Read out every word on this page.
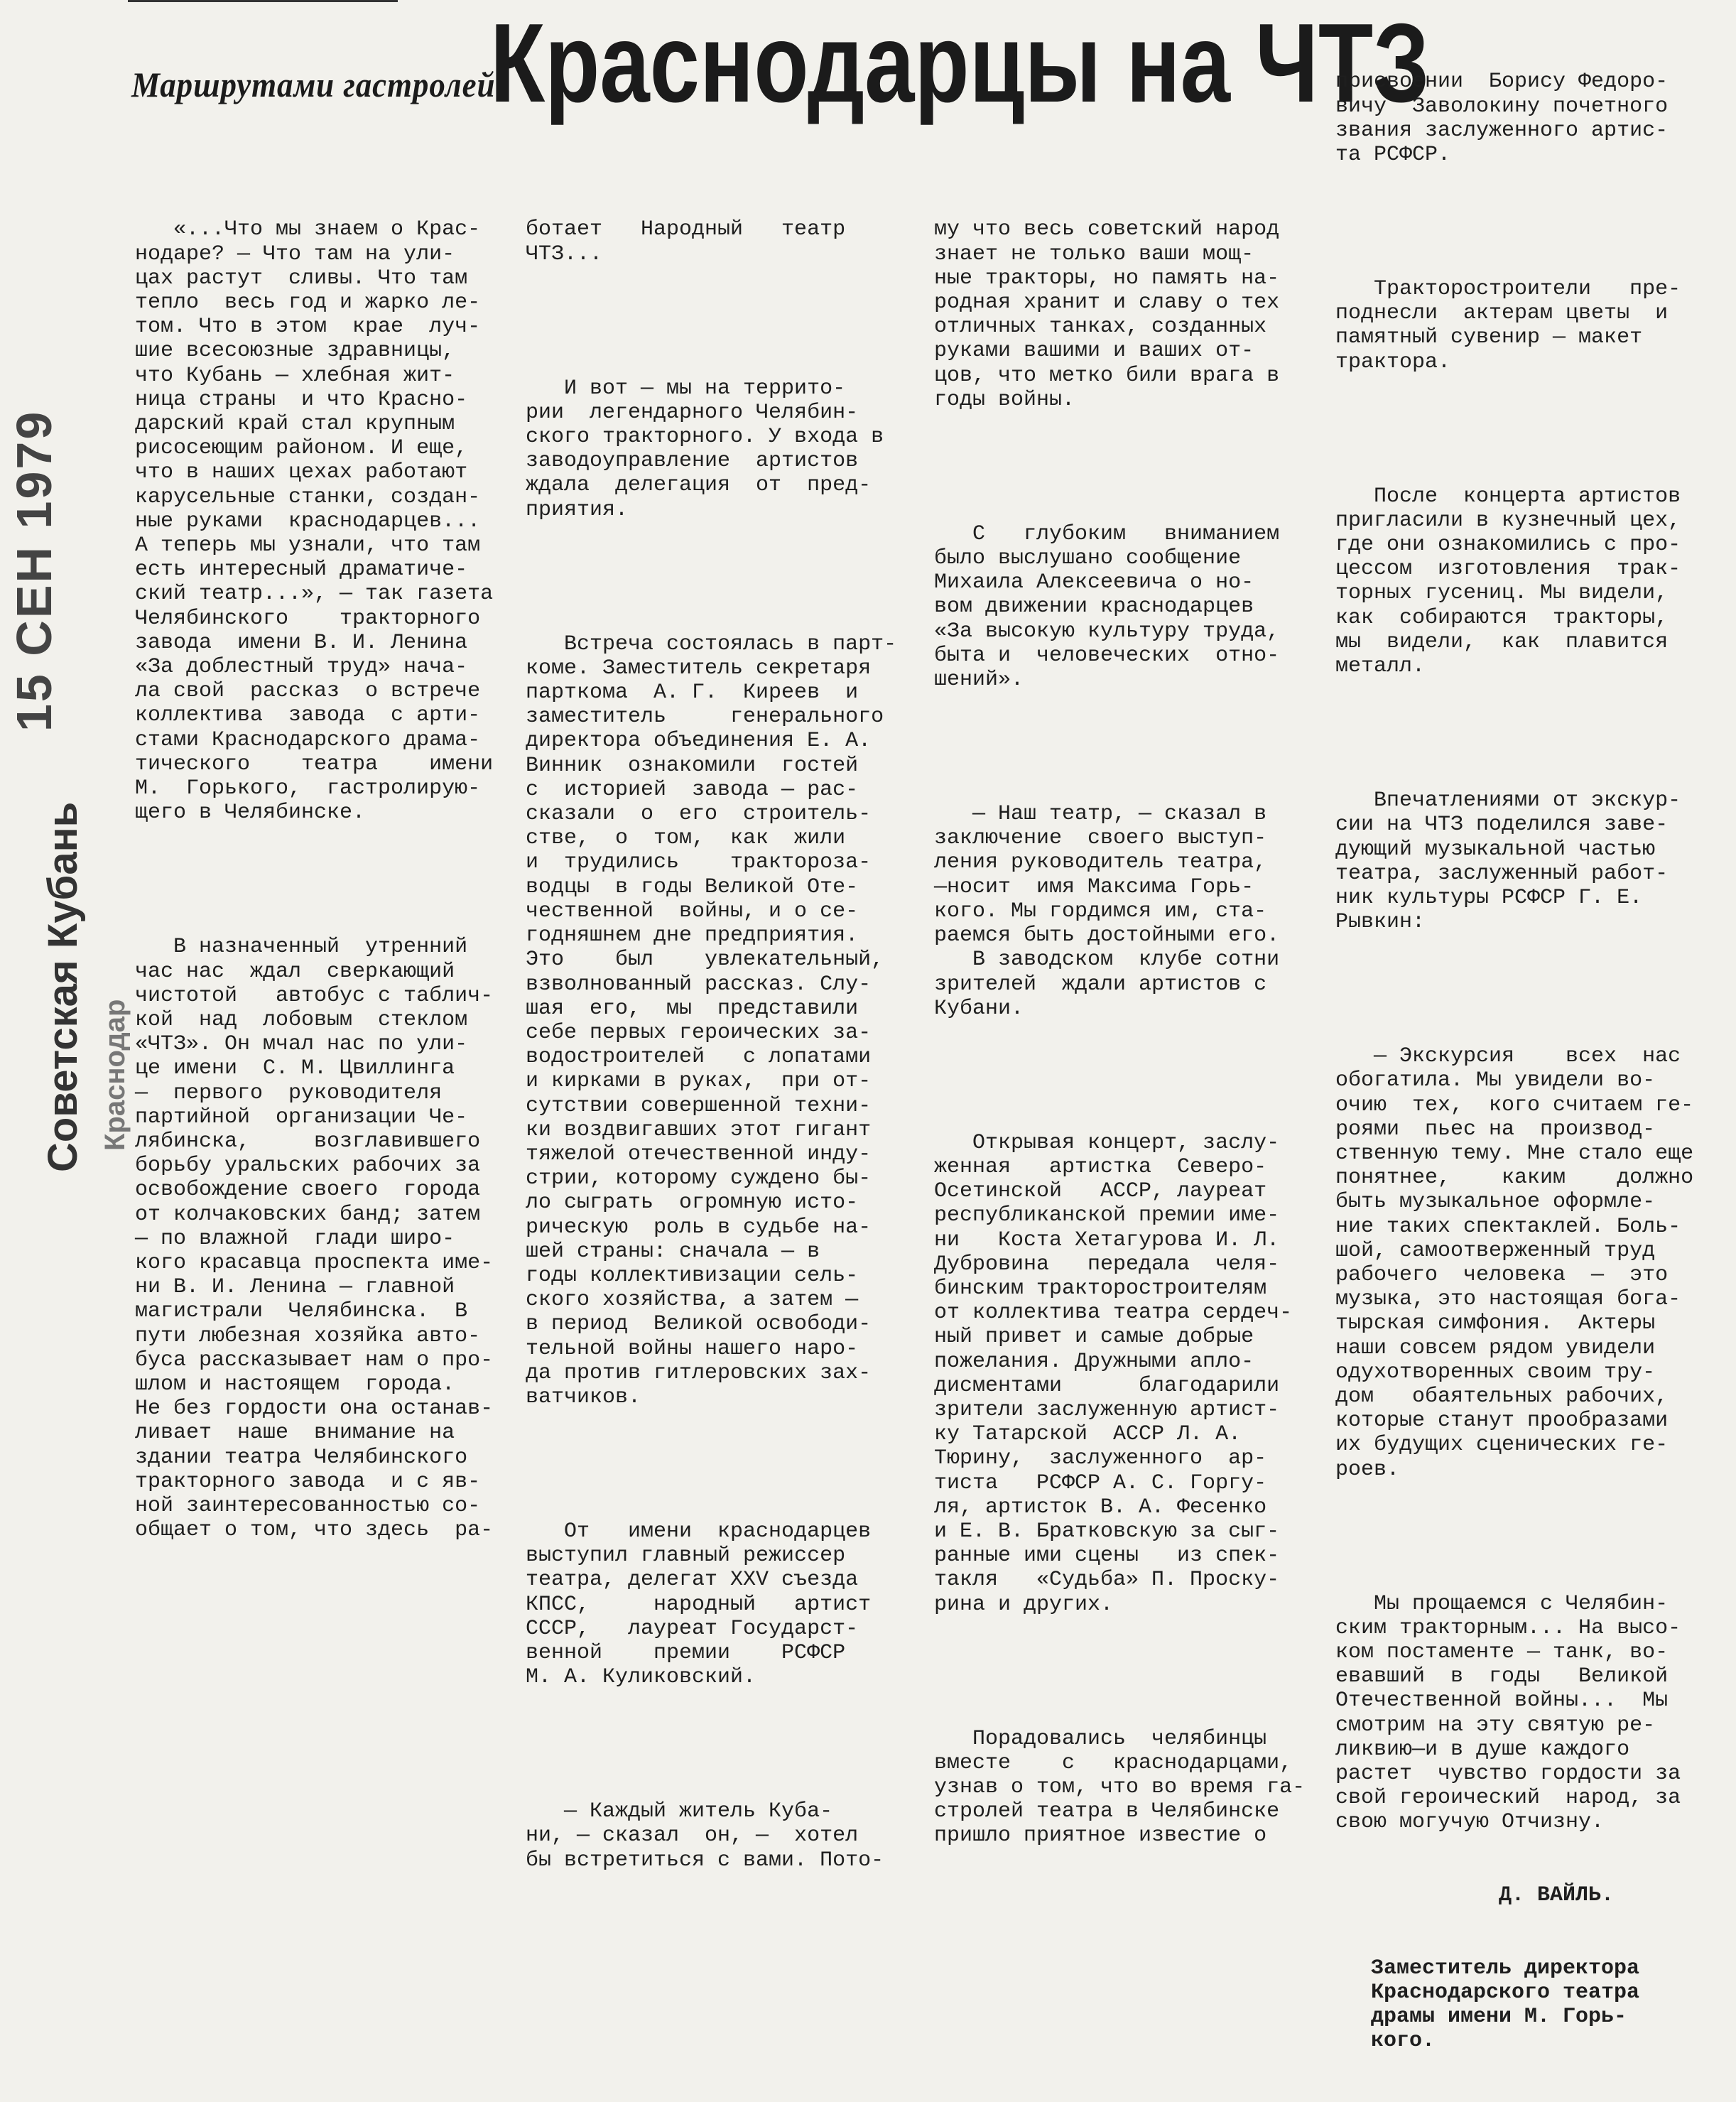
Маршрутами гастролей
Краснодарцы на ЧТЗ
15 СЕН 1979
Советская Кубань Краснодар

«...Что мы знаем о Крас-
нодаре? — Что там на ули-
цах растут  сливы. Что там
тепло  весь год и жарко ле-
том. Что в этом  крае  луч-
шие всесоюзные здравницы,
что Кубань — хлебная жит-
ница страны  и что Красно-
дарский край стал крупным
рисосеющим районом. И еще,
что в наших цехах работают
карусельные станки, создан-
ные руками  краснодарцев...
А теперь мы узнали, что там
есть интересный драматиче-
ский театр...», — так газета
Челябинского    тракторного
завода  имени В. И. Ленина
«За доблестный труд» нача-
ла свой  рассказ  о встрече
коллектива  завода  с арти-
стами Краснодарского драма-
тического    театра    имени
М.  Горького,  гастролирую-
щего в Челябинске.

В назначенный  утренний
час нас  ждал  сверкающий
чистотой   автобус с таблич-
кой  над  лобовым  стеклом
«ЧТЗ». Он мчал нас по ули-
це имени  С. М. Цвиллинга
—  первого  руководителя
партийной  организации Че-
лябинска,     возглавившего
борьбу уральских рабочих за
освобождение своего  города
от колчаковских банд; затем
— по влажной  глади широ-
кого красавца проспекта име-
ни В. И. Ленина — главной
магистрали  Челябинска.  В
пути любезная хозяйка авто-
буса рассказывает нам о про-
шлом и настоящем  города.
Не без гордости она останав-
ливает  наше  внимание на
здании театра Челябинского
тракторного завода  и с яв-
ной заинтересованностью со-
общает о том, что здесь  ра-

ботает   Народный   театр
ЧТЗ...

И вот — мы на террито-
рии  легендарного Челябин-
ского тракторного. У входа в
заводоуправление  артистов
ждала  делегация  от  пред-
приятия.

Встреча состоялась в парт-
коме. Заместитель секретаря
парткома  А. Г.  Киреев  и
заместитель     генерального
директора объединения Е. А.
Винник  ознакомили  гостей
с  историей  завода — рас-
сказали  о  его  строитель-
стве,  о  том,  как  жили
и  трудились    трактороза-
водцы  в годы Великой Оте-
чественной  войны, и о се-
годняшнем дне предприятия.
Это    был    увлекательный,
взволнованный рассказ. Слу-
шая  его,  мы  представили
себе первых героических за-
водостроителей   с лопатами
и кирками в руках,  при от-
сутствии совершенной техни-
ки воздвигавших этот гигант
тяжелой отечественной инду-
стрии, которому суждено бы-
ло сыграть  огромную исто-
рическую  роль в судьбе на-
шей страны: сначала — в
годы коллективизации сель-
ского хозяйства, а затем —
в период  Великой освободи-
тельной войны нашего наро-
да против гитлеровских зах-
ватчиков.

От   имени  краснодарцев
выступил главный режиссер
театра, делегат XXV съезда
КПСС,     народный   артист
СССР,   лауреат Государст-
венной    премии    РСФСР
М. А. Куликовский.

— Каждый житель Куба-
ни, — сказал  он, —  хотел
бы встретиться с вами. Пото-

му что весь советский народ
знает не только ваши мощ-
ные тракторы, но память на-
родная хранит и славу о тех
отличных танках, созданных
руками вашими и ваших от-
цов, что метко били врага в
годы войны.

С   глубоким   вниманием
было выслушано сообщение
Михаила Алексеевича о но-
вом движении краснодарцев
«За высокую культуру труда,
быта и  человеческих  отно-
шений».

— Наш театр, — сказал в
заключение  своего выступ-
ления руководитель театра,
—носит  имя Максима Горь-
кого. Мы гордимся им, ста-
раемся быть достойными его.
В заводском  клубе сотни
зрителей  ждали артистов с
Кубани.

Открывая концерт, заслу-
женная   артистка  Северо-
Осетинской   АССР, лауреат
республиканской премии име-
ни   Коста Хетагурова И. Л.
Дубровина   передала  челя-
бинским тракторостроителям
от коллектива театра сердеч-
ный привет и самые добрые
пожелания. Дружными апло-
дисментами      благодарили
зрители заслуженную артист-
ку Татарской  АССР Л. А.
Тюрину,  заслуженного  ар-
тиста   РСФСР А. С. Горгу-
ля, артисток В. А. Фесенко
и Е. В. Братковскую за сыг-
ранные ими сцены   из спек-
такля   «Судьба» П. Проску-
рина и других.

Порадовались  челябинцы
вместе    с   краснодарцами,
узнав о том, что во время га-
стролей театра в Челябинске
пришло приятное известие о

присвоении  Борису Федоро-
вичу  Заволокину почетного
звания заслуженного артис-
та РСФСР.

Тракторостроители   пре-
поднесли  актерам цветы  и
памятный сувенир — макет
трактора.

После  концерта артистов
пригласили в кузнечный цех,
где они ознакомились с про-
цессом  изготовления  трак-
торных гусениц. Мы видели,
как  собираются  тракторы,
мы  видели,  как  плавится
металл.

Впечатлениями от экскур-
сии на ЧТЗ поделился заве-
дующий музыкальной частью
театра, заслуженный работ-
ник культуры РСФСР Г. Е.
Рывкин:

— Экскурсия    всех  нас
обогатила. Мы увидели во-
очию  тех,  кого считаем ге-
роями  пьес на  производ-
ственную тему. Мне стало еще
понятнее,    каким    должно
быть музыкальное оформле-
ние таких спектаклей. Боль-
шой, самоотверженный труд
рабочего  человека  —  это
музыка, это настоящая бога-
тырская симфония.  Актеры
наши совсем рядом увидели
одухотворенных своим тру-
дом   обаятельных рабочих,
которые станут прообразами
их будущих сценических ге-
роев.

Мы прощаемся с Челябин-
ским тракторным... На высо-
ком постаменте — танк, во-
евавший  в  годы   Великой
Отечественной войны...  Мы
смотрим на эту святую ре-
ликвию—и в душе каждого
растет  чувство гордости за
свой героический  народ, за
свою могучую Отчизну.

Д. ВАЙЛЬ.

Заместитель директора
Краснодарского театра
драмы имени М. Горь-
кого.
